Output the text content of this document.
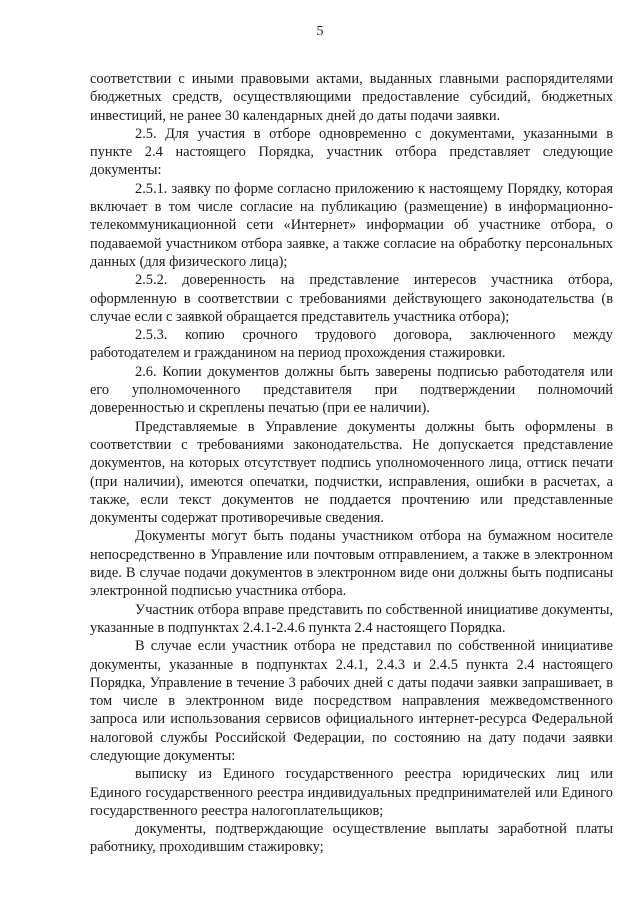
5

соответствии с иными правовыми актами, выданных главными распорядителями бюджетных средств, осуществляющими предоставление субсидий, бюджетных инвестиций, не ранее 30 календарных дней до даты подачи заявки.

2.5. Для участия в отборе одновременно с документами, указанными в пункте 2.4 настоящего Порядка, участник отбора представляет следующие документы:

2.5.1. заявку по форме согласно приложению к настоящему Порядку, которая включает в том числе согласие на публикацию (размещение) в информационно-телекоммуникационной сети «Интернет» информации об участнике отбора, о подаваемой участником отбора заявке, а также согласие на обработку персональных данных (для физического лица);

2.5.2. доверенность на представление интересов участника отбора, оформленную в соответствии с требованиями действующего законодательства (в случае если с заявкой обращается представитель участника отбора);

2.5.3. копию срочного трудового договора, заключенного между работодателем и гражданином на период прохождения стажировки.

2.6. Копии документов должны быть заверены подписью работодателя или его уполномоченного представителя при подтверждении полномочий доверенностью и скреплены печатью (при ее наличии).

Представляемые в Управление документы должны быть оформлены в соответствии с требованиями законодательства. Не допускается представление документов, на которых отсутствует подпись уполномоченного лица, оттиск печати (при наличии), имеются опечатки, подчистки, исправления, ошибки в расчетах, а также, если текст документов не поддается прочтению или представленные документы содержат противоречивые сведения.

Документы могут быть поданы участником отбора на бумажном носителе непосредственно в Управление или почтовым отправлением, а также в электронном виде. В случае подачи документов в электронном виде они должны быть подписаны электронной подписью участника отбора.

Участник отбора вправе представить по собственной инициативе документы, указанные в подпунктах 2.4.1-2.4.6 пункта 2.4 настоящего Порядка.

В случае если участник отбора не представил по собственной инициативе документы, указанные в подпунктах 2.4.1, 2.4.3 и 2.4.5 пункта 2.4 настоящего Порядка, Управление в течение 3 рабочих дней с даты подачи заявки запрашивает, в том числе в электронном виде посредством направления межведомственного запроса или использования сервисов официального интернет-ресурса Федеральной налоговой службы Российской Федерации, по состоянию на дату подачи заявки следующие документы:

выписку из Единого государственного реестра юридических лиц или Единого государственного реестра индивидуальных предпринимателей или Единого государственного реестра налогоплательщиков;

документы, подтверждающие осуществление выплаты заработной платы работнику, проходившим стажировку;
